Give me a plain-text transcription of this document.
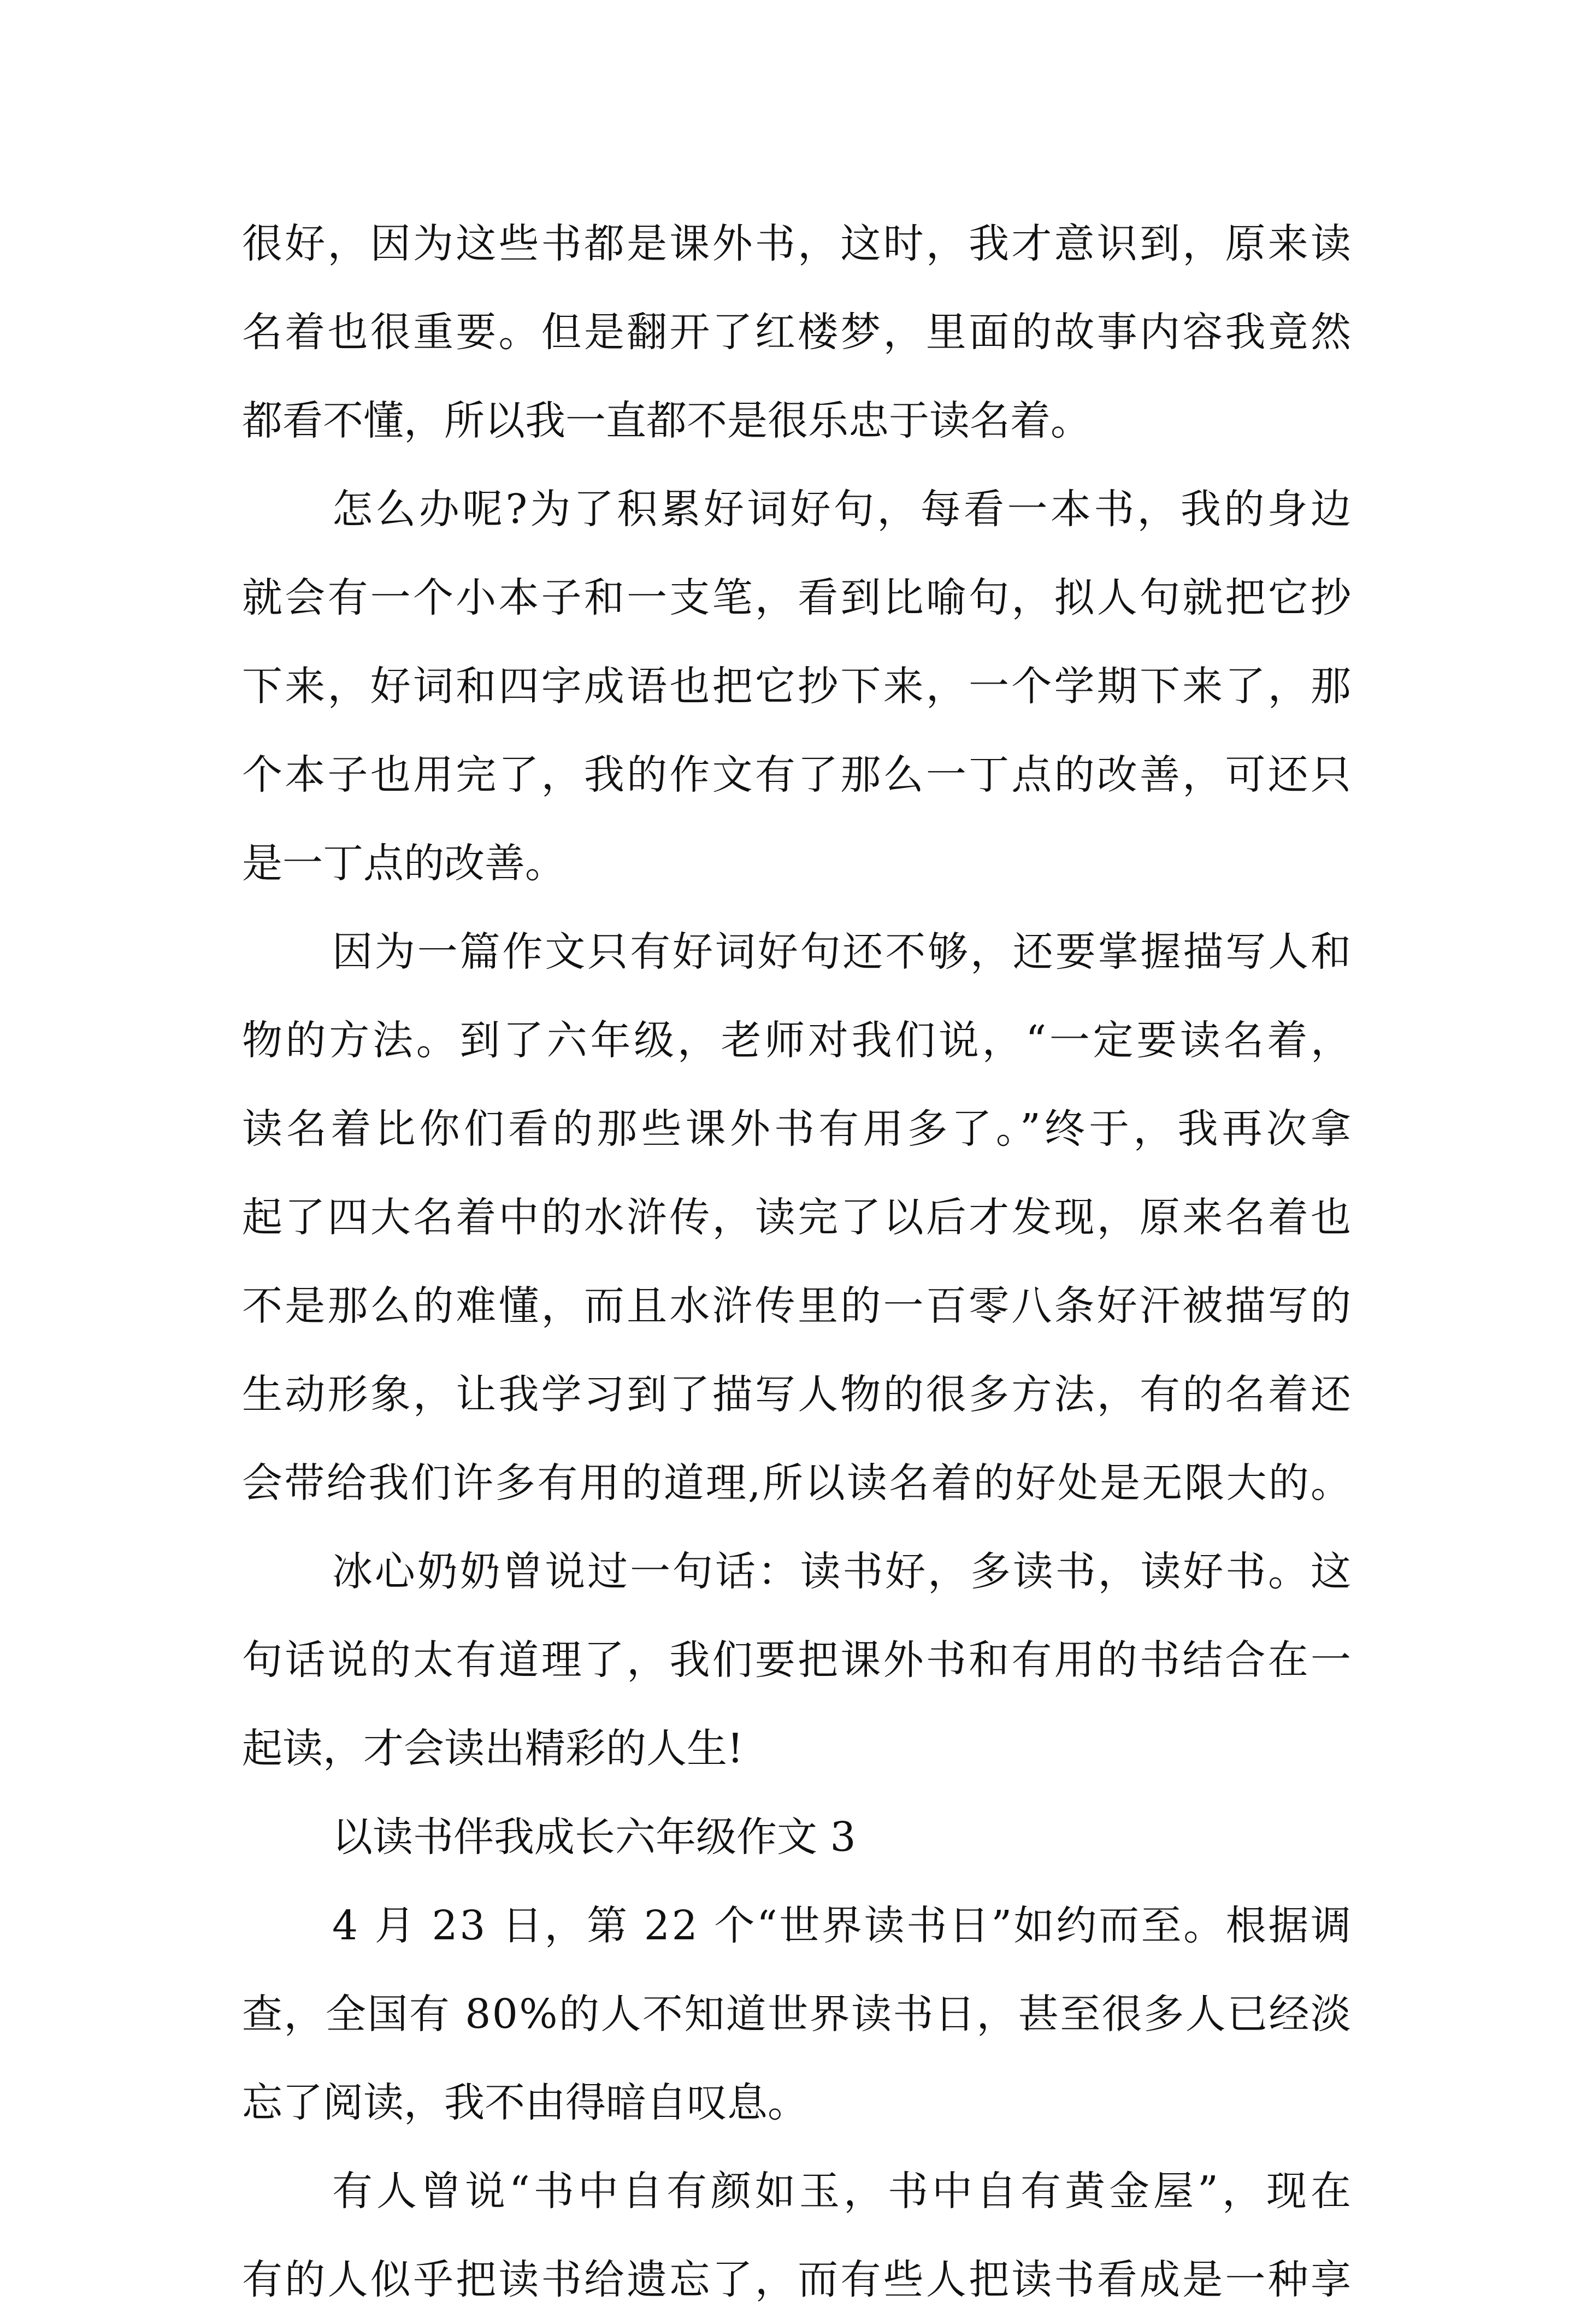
很好，因为这些书都是课外书，这时，我才意识到，原来读
名着也很重要。但是翻开了红楼梦，里面的故事内容我竟然
都看不懂，所以我一直都不是很乐忠于读名着。
怎么办呢?为了积累好词好句，每看一本书，我的身边
就会有一个小本子和一支笔，看到比喻句，拟人句就把它抄
下来，好词和四字成语也把它抄下来，一个学期下来了，那
个本子也用完了，我的作文有了那么一丁点的改善，可还只
是一丁点的改善。
因为一篇作文只有好词好句还不够，还要掌握描写人和
物的方法。到了六年级，老师对我们说，“一定要读名着，
读名着比你们看的那些课外书有用多了。”终于，我再次拿
起了四大名着中的水浒传，读完了以后才发现，原来名着也
不是那么的难懂，而且水浒传里的一百零八条好汗被描写的
生动形象，让我学习到了描写人物的很多方法，有的名着还
会带给我们许多有用的道理,所以读名着的好处是无限大的。
冰心奶奶曾说过一句话：读书好，多读书，读好书。这
句话说的太有道理了，我们要把课外书和有用的书结合在一
起读，才会读出精彩的人生!
以读书伴我成长六年级作文 3
4 月 23 日，第 22 个“世界读书日”如约而至。根据调
查，全国有 80%的人不知道世界读书日，甚至很多人已经淡
忘了阅读，我不由得暗自叹息。
有人曾说“书中自有颜如玉，书中自有黄金屋”，现在
有的人似乎把读书给遗忘了，而有些人把读书看成是一种享
